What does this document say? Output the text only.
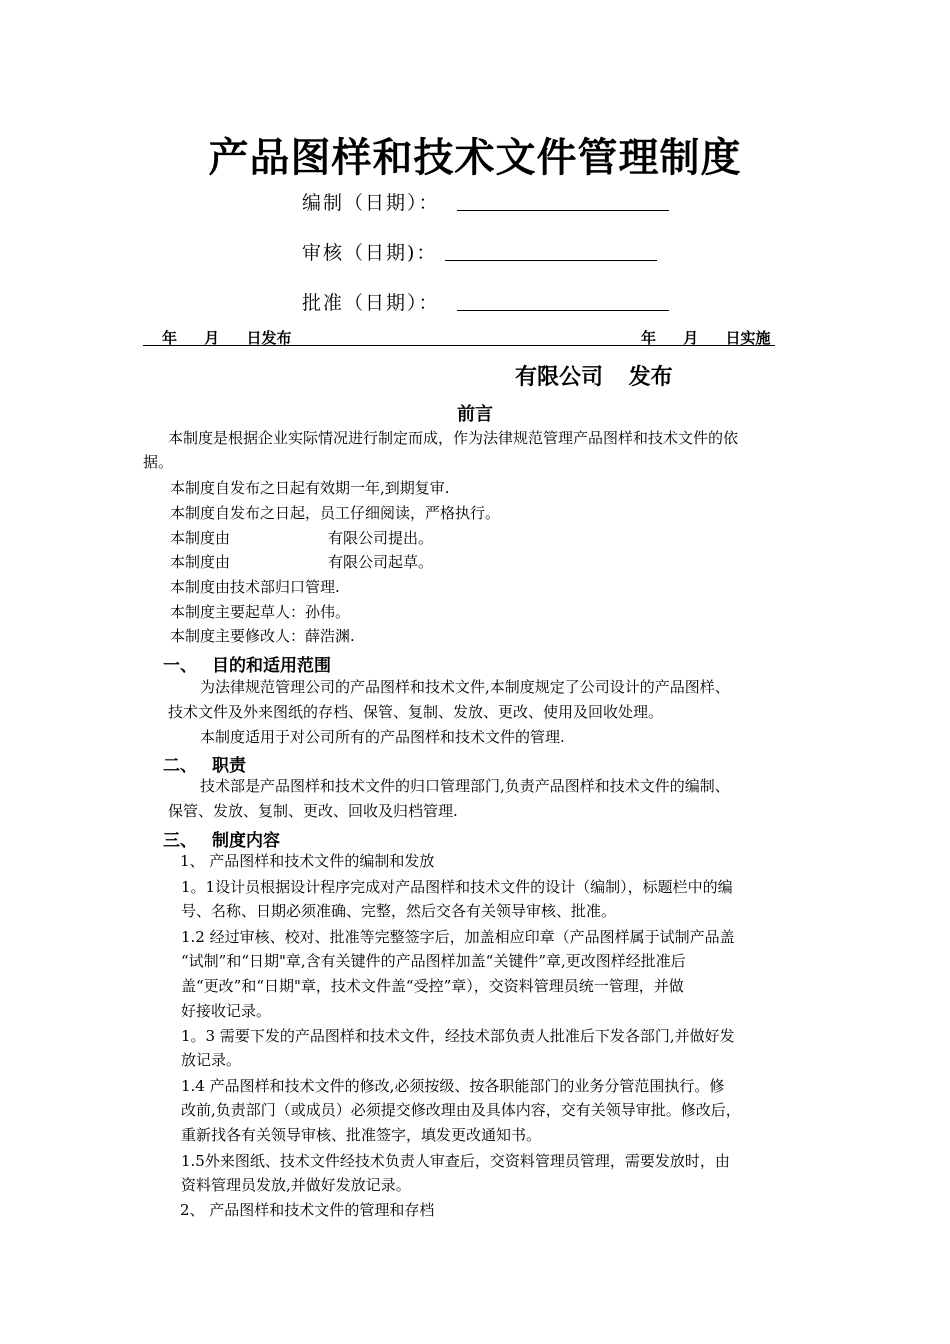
产品图样和技术文件管理制度
编制（日期）：
审核（日期)：
批准（日期）：
年 月 日发布	年 月 日实施
有限公司 发布
前言
本制度是根据企业实际情况进行制定而成，作为法律规范管理产品图样和技术文件的依
据。
本制度自发布之日起有效期一年,到期复审.
本制度自发布之日起，员工仔细阅读，严格执行。
本制度由	有限公司提出。
本制度由	有限公司起草。
本制度由技术部归口管理.
本制度主要起草人：孙伟。
本制度主要修改人：薛浩渊.
一、 目的和适用范围
为法律规范管理公司的产品图样和技术文件,本制度规定了公司设计的产品图样、
技术文件及外来图纸的存档、保管、复制、发放、更改、使用及回收处理。
本制度适用于对公司所有的产品图样和技术文件的管理.
二、 职责
技术部是产品图样和技术文件的归口管理部门,负责产品图样和技术文件的编制、
保管、发放、复制、更改、回收及归档管理.
三、 制度内容
1、 产品图样和技术文件的编制和发放
1。1设计员根据设计程序完成对产品图样和技术文件的设计（编制），标题栏中的编
号、名称、日期必须准确、完整，然后交各有关领导审核、批准。
1.2 经过审核、校对、批准等完整签字后，加盖相应印章（产品图样属于试制产品盖
“试制”和“日期"章,含有关键件的产品图样加盖“关键件”章,更改图样经批准后
盖“更改”和“日期"章，技术文件盖“受控”章），交资料管理员统一管理，并做
好接收记录。
1。3 需要下发的产品图样和技术文件，经技术部负责人批准后下发各部门,并做好发
放记录。
1.4 产品图样和技术文件的修改,必须按级、按各职能部门的业务分管范围执行。修
改前,负责部门（或成员）必须提交修改理由及具体内容，交有关领导审批。修改后，
重新找各有关领导审核、批准签字，填发更改通知书。
1.5外来图纸、技术文件经技术负责人审查后，交资料管理员管理，需要发放时，由
资料管理员发放,并做好发放记录。
2、 产品图样和技术文件的管理和存档
